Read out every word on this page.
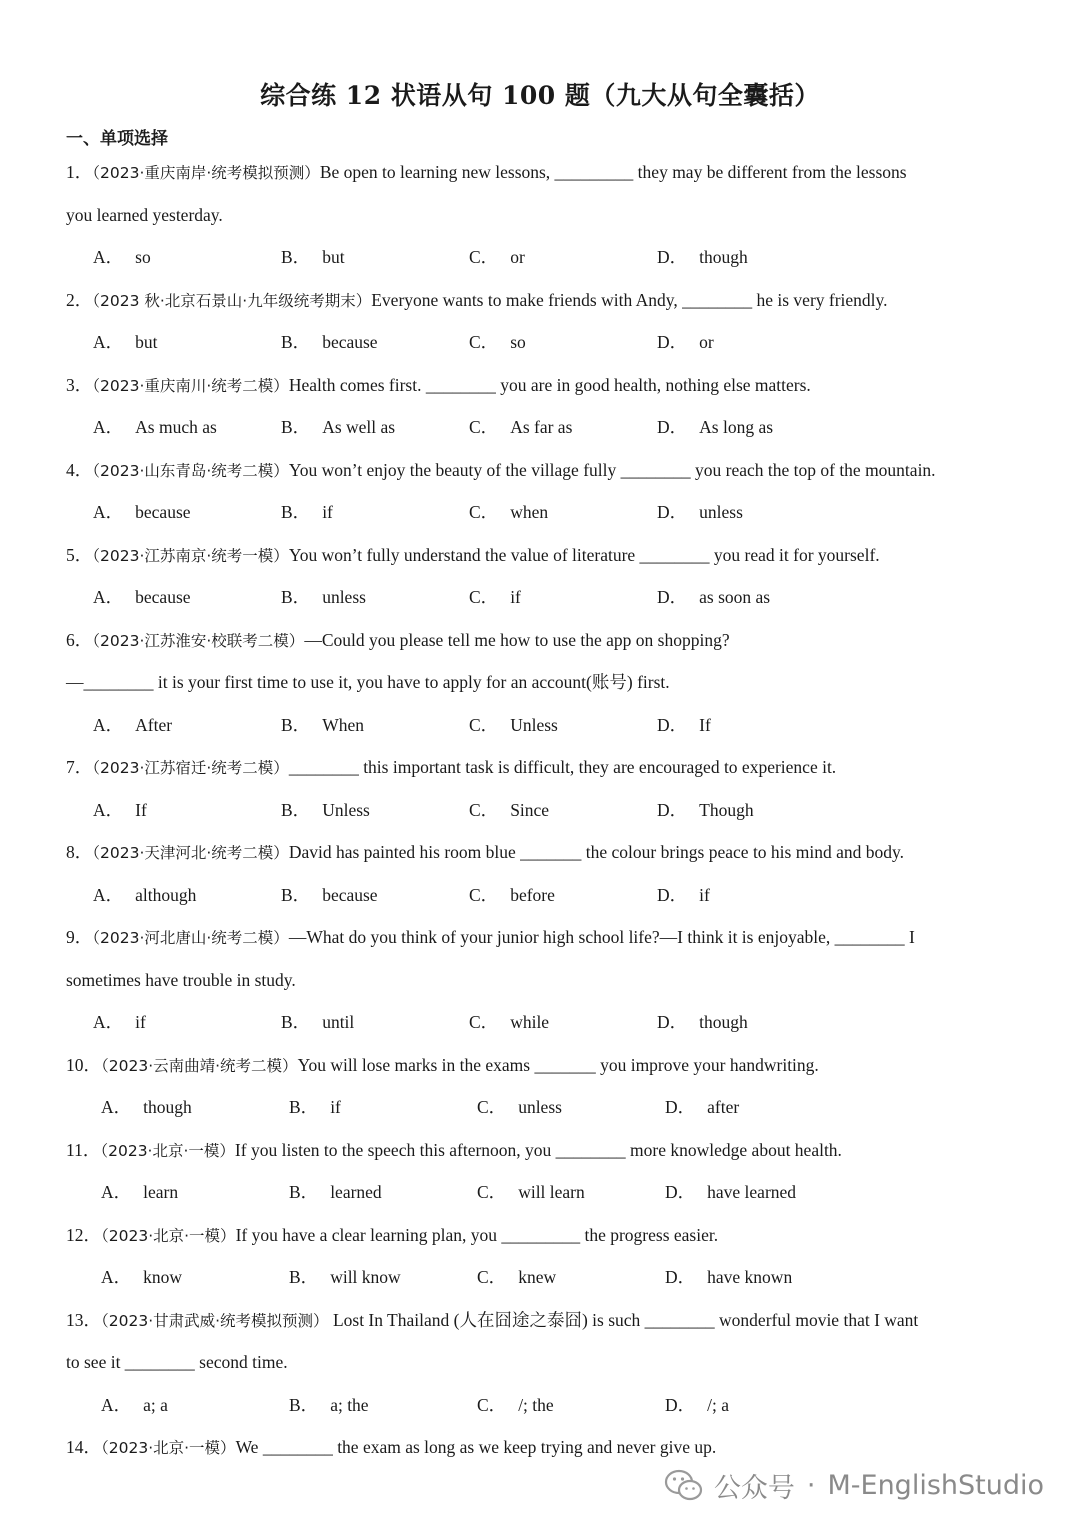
综合练 12 状语从句 100 题（九大从句全囊括）
一、单项选择
1．（2023·重庆南岸·统考模拟预测）Be open to learning new lessons, _________ they may be different from the lessons
you learned yesterday.
A． so	B． but	C． or	D． though
2．（2023 秋·北京石景山·九年级统考期末）Everyone wants to make friends with Andy, ________ he is very friendly.
A． but	B． because	C． so	D． or
3．（2023·重庆南川·统考二模）Health comes first. ________ you are in good health, nothing else matters.
A． As much as	B． As well as	C． As far as	D． As long as
4．（2023·山东青岛·统考二模）You won’t enjoy the beauty of the village fully ________ you reach the top of the mountain.
A． because	B． if	C． when	D． unless
5．（2023·江苏南京·统考一模）You won’t fully understand the value of literature ________ you read it for yourself.
A． because	B． unless	C． if	D． as soon as
6．（2023·江苏淮安·校联考二模）—Could you please tell me how to use the app on shopping?
—________ it is your first time to use it, you have to apply for an account(账号) first.
A． After	B． When	C． Unless	D． If
7．（2023·江苏宿迁·统考二模）________ this important task is difficult, they are encouraged to experience it.
A． If	B． Unless	C． Since	D． Though
8．（2023·天津河北·统考二模）David has painted his room blue _______ the colour brings peace to his mind and body.
A． although	B． because	C． before	D． if
9．（2023·河北唐山·统考二模）—What do you think of your junior high school life?—I think it is enjoyable, ________ I
sometimes have trouble in study.
A． if	B． until	C． while	D． though
10．（2023·云南曲靖·统考二模）You will lose marks in the exams _______ you improve your handwriting.
A． though	B． if	C． unless	D． after
11．（2023·北京·一模）If you listen to the speech this afternoon, you ________ more knowledge about health.
A． learn	B． learned	C． will learn	D． have learned
12．（2023·北京·一模）If you have a clear learning plan, you _________ the progress easier.
A． know	B． will know	C． knew	D． have known
13．（2023·甘肃武威·统考模拟预测） Lost In Thailand (人在囧途之泰囧) is such ________ wonderful movie that I want
to see it ________ second time.
A． a; a	B． a; the	C． /; the	D． /; a
14．（2023·北京·一模）We ________ the exam as long as we keep trying and never give up.
公众号 · M-EnglishStudio
